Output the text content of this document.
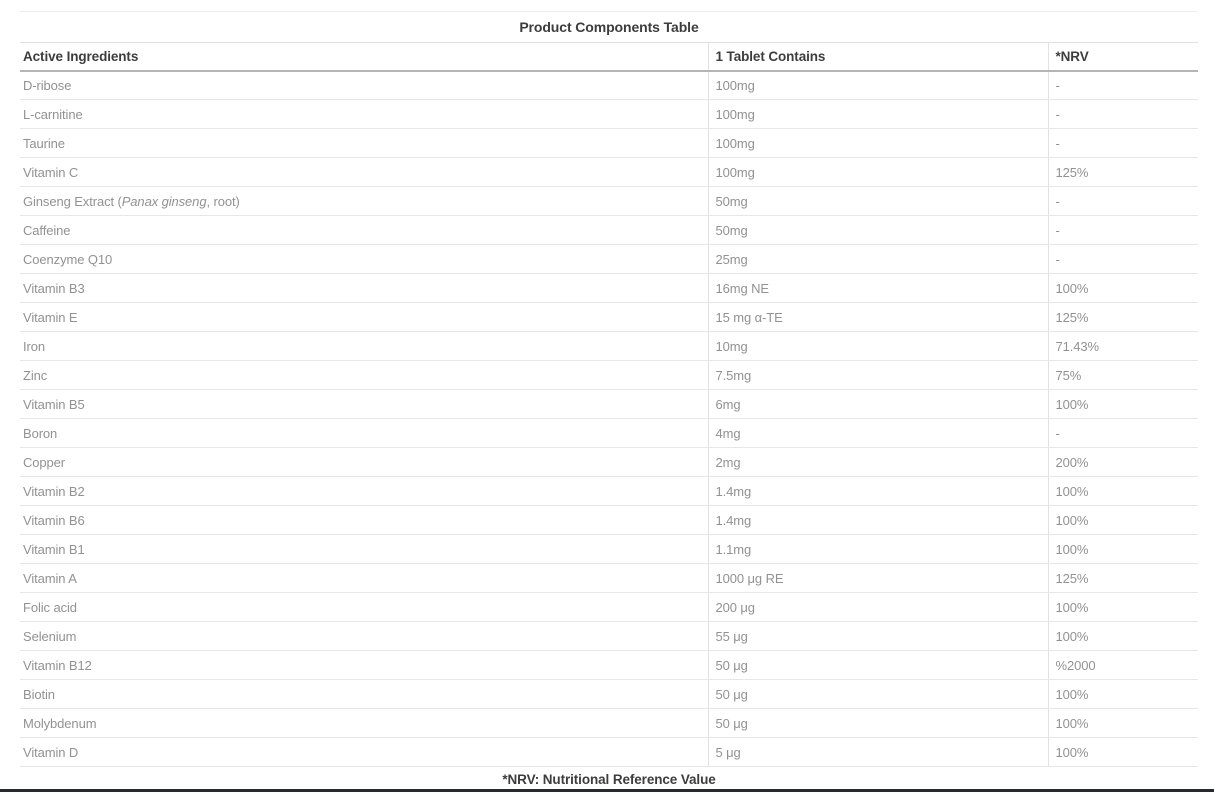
Product Components Table
Active Ingredients	1 Tablet Contains	*NRV
D-ribose	100mg	-
L-carnitine	100mg	-
Taurine	100mg	-
Vitamin C	100mg	125%
Ginseng Extract (Panax ginseng, root)	50mg	-
Caffeine	50mg	-
Coenzyme Q10	25mg	-
Vitamin B3	16mg NE	100%
Vitamin E	15 mg α-TE	125%
Iron	10mg	71.43%
Zinc	7.5mg	75%
Vitamin B5	6mg	100%
Boron	4mg	-
Copper	2mg	200%
Vitamin B2	1.4mg	100%
Vitamin B6	1.4mg	100%
Vitamin B1	1.1mg	100%
Vitamin A	1000 μg RE	125%
Folic acid	200 μg	100%
Selenium	55 μg	100%
Vitamin B12	50 μg	%2000
Biotin	50 μg	100%
Molybdenum	50 μg	100%
Vitamin D	5 μg	100%
*NRV: Nutritional Reference Value
